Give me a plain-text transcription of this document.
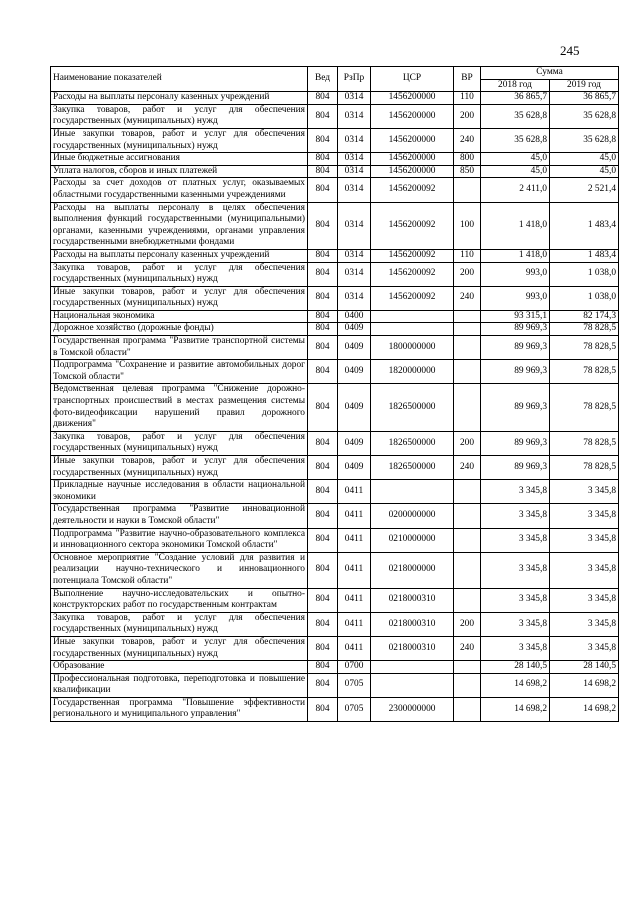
245
Наименование показателей	Вед	РзПр	ЦСР	ВР	Сумма	
					2018 год	2019 год
Расходы на выплаты персоналу казенных учреждений	804	0314	1456200000	110	36 865,7	36 865,7
Закупка товаров, работ и услуг для обеспечения государственных (муниципальных) нужд	804	0314	1456200000	200	35 628,8	35 628,8
Иные закупки товаров, работ и услуг для обеспечения государственных (муниципальных) нужд	804	0314	1456200000	240	35 628,8	35 628,8
Иные бюджетные ассигнования	804	0314	1456200000	800	45,0	45,0
Уплата налогов, сборов и иных платежей	804	0314	1456200000	850	45,0	45,0
Расходы за счет доходов от платных услуг, оказываемых областными государственными казенными учреждениями	804	0314	1456200092		2 411,0	2 521,4
Расходы на выплаты персоналу в целях обеспечения выполнения функций государственными (муниципальными) органами, казенными учреждениями, органами управления государственными внебюджетными фондами	804	0314	1456200092	100	1 418,0	1 483,4
Расходы на выплаты персоналу казенных учреждений	804	0314	1456200092	110	1 418,0	1 483,4
Закупка товаров, работ и услуг для обеспечения государственных (муниципальных) нужд	804	0314	1456200092	200	993,0	1 038,0
Иные закупки товаров, работ и услуг для обеспечения государственных (муниципальных) нужд	804	0314	1456200092	240	993,0	1 038,0
Национальная экономика	804	0400			93 315,1	82 174,3
Дорожное хозяйство (дорожные фонды)	804	0409			89 969,3	78 828,5
Государственная программа "Развитие транспортной системы в Томской области"	804	0409	1800000000		89 969,3	78 828,5
Подпрограмма "Сохранение и развитие автомобильных дорог Томской области"	804	0409	1820000000		89 969,3	78 828,5
Ведомственная целевая программа "Снижение дорожно-транспортных происшествий в местах размещения системы фото-видеофиксации нарушений правил дорожного движения"	804	0409	1826500000		89 969,3	78 828,5
Закупка товаров, работ и услуг для обеспечения государственных (муниципальных) нужд	804	0409	1826500000	200	89 969,3	78 828,5
Иные закупки товаров, работ и услуг для обеспечения государственных (муниципальных) нужд	804	0409	1826500000	240	89 969,3	78 828,5
Прикладные научные исследования в области национальной экономики	804	0411			3 345,8	3 345,8
Государственная программа "Развитие инновационной деятельности и науки в Томской области"	804	0411	0200000000		3 345,8	3 345,8
Подпрограмма "Развитие научно-образовательного комплекса и инновационного сектора экономики Томской области"	804	0411	0210000000		3 345,8	3 345,8
Основное мероприятие "Создание условий для развития и реализации научно-технического и инновационного потенциала Томской области"	804	0411	0218000000		3 345,8	3 345,8
Выполнение научно-исследовательских и опытно-конструкторских работ по государственным контрактам	804	0411	0218000310		3 345,8	3 345,8
Закупка товаров, работ и услуг для обеспечения государственных (муниципальных) нужд	804	0411	0218000310	200	3 345,8	3 345,8
Иные закупки товаров, работ и услуг для обеспечения государственных (муниципальных) нужд	804	0411	0218000310	240	3 345,8	3 345,8
Образование	804	0700			28 140,5	28 140,5
Профессиональная подготовка, переподготовка и повышение квалификации	804	0705			14 698,2	14 698,2
Государственная программа "Повышение эффективности регионального и муниципального управления"	804	0705	2300000000		14 698,2	14 698,2
